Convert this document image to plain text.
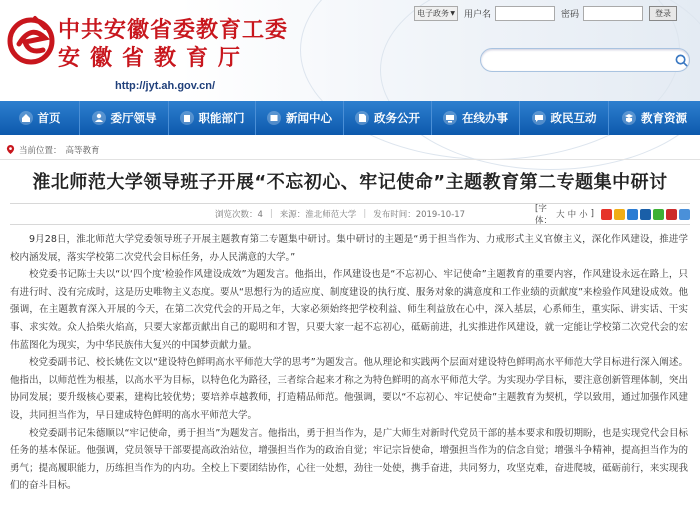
中共安徽省委教育工委
安徽省教育厅
http://jyt.ah.gov.cn/
电子政务 ▼ 用户名	密码	登录
首页	委厅领导	职能部门	新闻中心	政务公开	在线办事	政民互动	教育资源
当前位置： 高等教育
淮北师范大学领导班子开展“不忘初心、牢记使命”主题教育第二专题集中研讨
浏览次数：4 | 来源：淮北师范大学 | 发布时间：2019-10-17
[字体：
大 中 小 ]

9月28日，淮北师范大学党委领导班子开展主题教育第二专题集中研讨。集中研讨的主题是“勇于担当作为、力戒形式主义官僚主义，深化作风建设，推进学校内涵发展，落实学校第二次党代会目标任务，办人民满意的大学。”

校党委书记陈士夫以“以‘四个度’检验作风建设成效”为题发言。他指出，作风建设也是“不忘初心、牢记使命”主题教育的重要内容，作风建设永远在路上，只有进行时、没有完成时，这是历史唯物主义态度。要从“思想行为的适应度、制度建设的执行度、服务对象的满意度和工作业绩的贡献度”来检验作风建设成效。他强调，在主题教育深入开展的今天，在第二次党代会的开局之年，大家必须始终把学校利益、师生利益放在心中，深入基层，心系师生，重实际、讲实话、干实事、求实效。众人拾柴火焰高，只要大家都贡献出自己的聪明和才智，只要大家一起不忘初心，砥砺前进，扎实推进作风建设，就一定能让学校第二次党代会的宏伟蓝图化为现实，为中华民族伟大复兴的中国梦贡献力量。

校党委副书记、校长姚佐文以“建设特色鲜明高水平师范大学的思考”为题发言。他从理论和实践两个层面对建设特色鲜明高水平师范大学目标进行深入阐述。他指出，以师范性为根基，以高水平为目标，以特色化为路径，三者综合起来才称之为特色鲜明的高水平师范大学。为实现办学目标，要注意创新管理体制，突出协同发展；要升级核心要素，建构比较优势；要培养卓越教师，打造精品师范。他强调，要以“不忘初心、牢记使命”主题教育为契机，学以致用，通过加强作风建设，共同担当作为，早日建成特色鲜明的高水平师范大学。

校党委副书记朱德顺以“牢记使命，勇于担当”为题发言。他指出，勇于担当作为，是广大师生对新时代党员干部的基本要求和殷切期盼，也是实现党代会目标任务的基本保证。他强调，党员领导干部要提高政治站位，增强担当作为的政治自觉；牢记宗旨使命，增强担当作为的信念自觉；增强斗争精神，提高担当作为的勇气；提高履职能力，历练担当作为的内功。全校上下要团结协作，心往一处想，劲往一处使，携手奋进，共同努力，攻坚克难，奋进爬坡，砥砺前行，来实现我们的奋斗目标。
